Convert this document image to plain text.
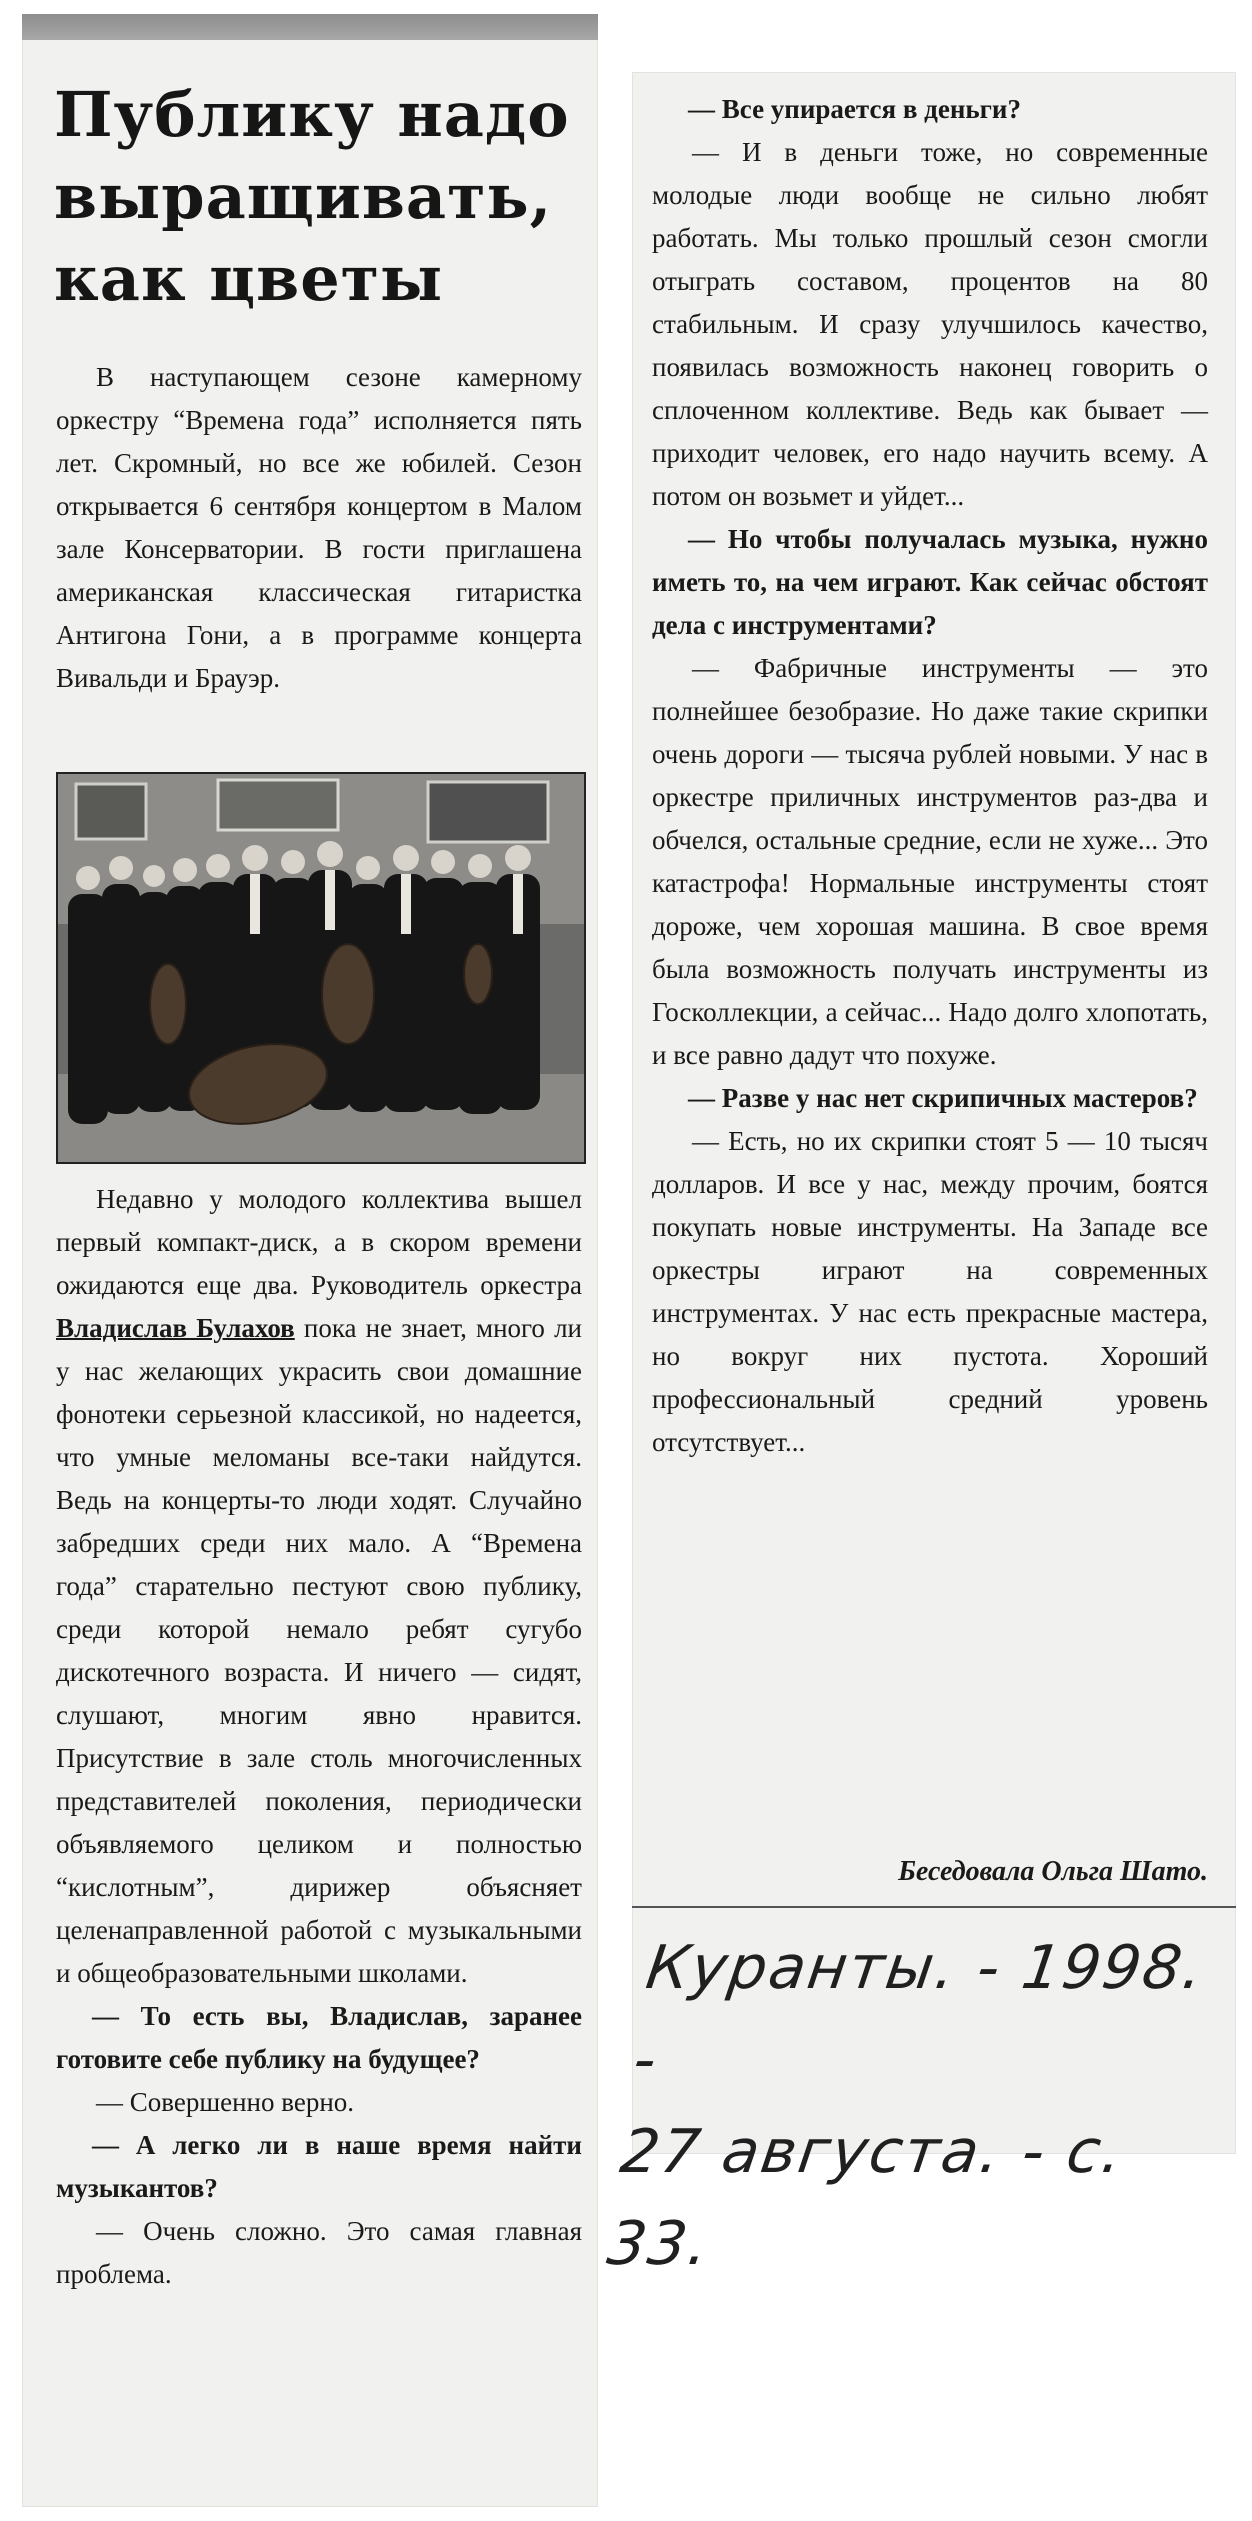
Публику надо выращивать, как цветы

В наступающем сезоне камерному оркестру “Времена года” исполняется пять лет. Скромный, но все же юбилей. Сезон открывается 6 сентября концертом в Малом зале Консерватории. В гости приглашена американская классическая гитаристка Антигона Гони, а в программе концерта Вивальди и Брауэр.

Недавно у молодого коллектива вышел первый компакт-диск, а в скором времени ожидаются еще два. Руководитель оркестра Владислав Булахов пока не знает, много ли у нас желающих украсить свои домашние фонотеки серьезной классикой, но надеется, что умные меломаны все-таки найдутся. Ведь на концерты-то люди ходят. Случайно забредших среди них мало. А “Времена года” старательно пестуют свою публику, среди которой немало ребят сугубо дискотечного возраста. И ничего — сидят, слушают, многим явно нравится. Присутствие в зале столь многочисленных представителей поколения, периодически объявляемого целиком и полностью “кислотным”, дирижер объясняет целенаправленной работой с музыкальными и общеобразовательными школами.

— То есть вы, Владислав, заранее готовите себе публику на будущее?

— Совершенно верно.

— А легко ли в наше время найти музыкантов?

— Очень сложно. Это самая главная проблема.

— Все упирается в деньги?

— И в деньги тоже, но современные молодые люди вообще не сильно любят работать. Мы только прошлый сезон смогли отыграть составом, процентов на 80 стабильным. И сразу улучшилось качество, появилась возможность наконец говорить о сплоченном коллективе. Ведь как бывает — приходит человек, его надо научить всему. А потом он возьмет и уйдет...

— Но чтобы получалась музыка, нужно иметь то, на чем играют. Как сейчас обстоят дела с инструментами?

— Фабричные инструменты — это полнейшее безобразие. Но даже такие скрипки очень дороги — тысяча рублей новыми. У нас в оркестре приличных инструментов раз-два и обчелся, остальные средние, если не хуже... Это катастрофа! Нормальные инструменты стоят дороже, чем хорошая машина. В свое время была возможность получать инструменты из Госколлекции, а сейчас... Надо долго хлопотать, и все равно дадут что похуже.

— Разве у нас нет скрипичных мастеров?

— Есть, но их скрипки стоят 5 — 10 тысяч долларов. И все у нас, между прочим, боятся покупать новые инструменты. На Западе все оркестры играют на современных инструментах. У нас есть прекрасные мастера, но вокруг них пустота. Хороший профессиональный средний уровень отсутствует...

Беседовала Ольга Шато.
Куранты. - 1998. -
27 августа. - с. 33.
